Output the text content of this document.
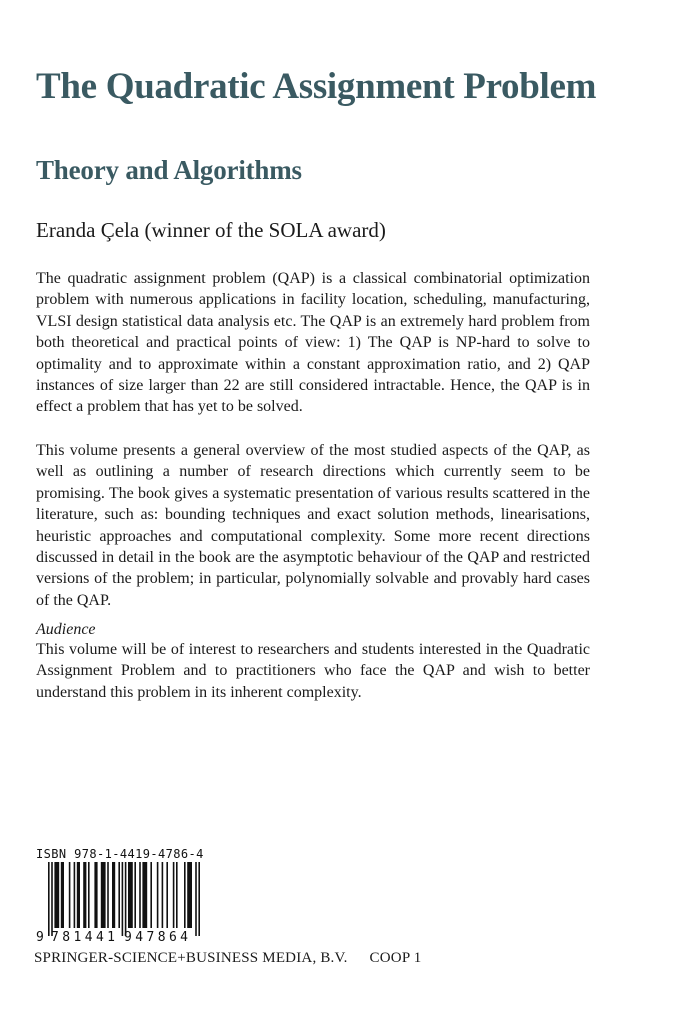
The Quadratic Assignment Problem
Theory and Algorithms

Eranda Çela (winner of the SOLA award)

The quadratic assignment problem (QAP) is a classical combinatorial optimization problem with numerous applications in facility location, scheduling, manufacturing, VLSI design statistical data analysis etc. The QAP is an extremely hard problem from both theoretical and practical points of view: 1) The QAP is NP-hard to solve to optimality and to approximate within a constant approximation ratio, and 2) QAP instances of size larger than 22 are still considered intractable. Hence, the QAP is in effect a problem that has yet to be solved.

This volume presents a general overview of the most studied aspects of the QAP, as well as outlining a number of research directions which currently seem to be promising. The book gives a systematic presentation of various results scattered in the literature, such as: bounding techniques and exact solution methods, linearisations, heuristic approaches and computational complexity. Some more recent directions discussed in detail in the book are the asymptotic behaviour of the QAP and restricted versions of the problem; in particular, polynomially solvable and provably hard cases of the QAP.

Audience

This volume will be of interest to researchers and students interested in the Quadratic Assignment Problem and to practitioners who face the QAP and wish to better understand this problem in its inherent complexity.

ISBN 978-1-4419-4786-4

9 781441 947864
9 781441 947864

SPRINGER-SCIENCE+BUSINESS MEDIA, B.V. COOP 1
